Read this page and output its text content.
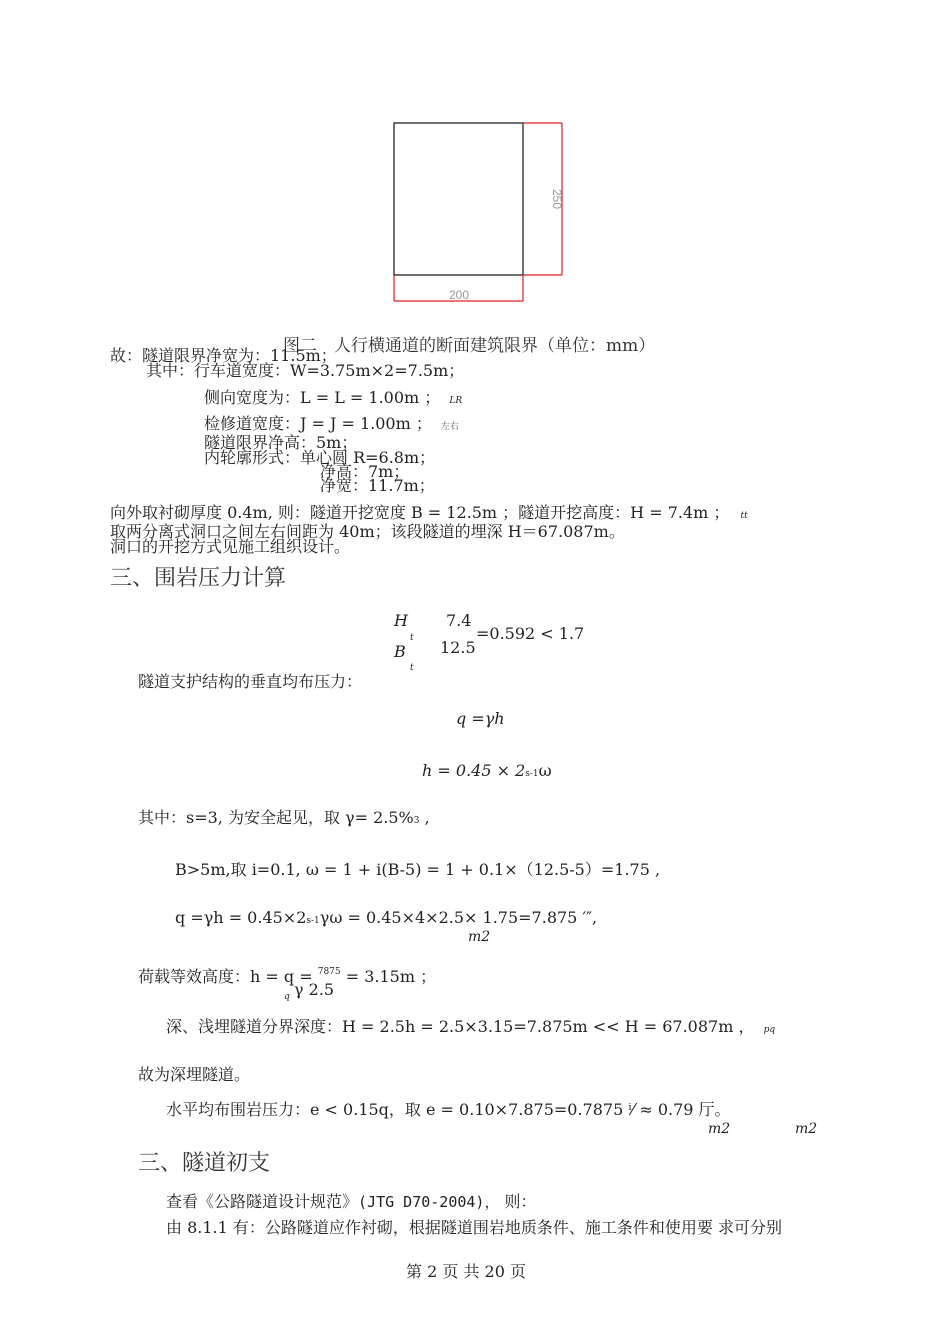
250
200
图二　人行横通道的断面建筑限界（单位：mm）
故：隧道限界净宽为：11.5m；
其中：行车道宽度：W=3.75m×2=7.5m；
侧向宽度为：L = L = 1.00m ； LR
检修道宽度：J = J = 1.00m ； 左右
隧道限界净高：5m；
内轮廓形式：单心圆 R=6.8m；
净高：7m；
净宽：11.7m；
向外取衬砌厚度 0.4m, 则：隧道开挖宽度 B = 12.5m ；隧道开挖高度：H = 7.4m ； tt
取两分离式洞口之间左右间距为 40m；该段隧道的埋深 H＝67.087m。
洞口的开挖方式见施工组织设计。
三、围岩压力计算
H
t
B
t
7.4
12.5
=0.592 < 1.7
隧道支护结构的垂直均布压力：
q =γh
h = 0.45 × 2s-1ω
其中：s=3, 为安全起见，取 γ= 2.5%3 ,
B>5m,取 i=0.1, ω = 1 + i(B-5) = 1 + 0.1×（12.5-5）=1.75 ,
q =γh = 0.45×2s-1γω = 0.45×4×2.5× 1.75=7.875 ′″,
m2
荷载等效高度：h = q = $^{7875}$ = 3.15m ；
q γ 2.5
深、浅埋隧道分界深度：H = 2.5h = 2.5×3.15=7.875m << H = 67.087m ， pq
故为深埋隧道。
水平均布围岩压力：e < 0.15q，取 e = 0.10×7.875=0.7875 ⁱ⁄ ≈ 0.79 厅。
m2	m2
三、隧道初支
查看《公路隧道设计规范》(JTG D70-2004)， 则：
由 8.1.1 有：公路隧道应作衬砌，根据隧道围岩地质条件、施工条件和使用要 求可分别
第 2 页 共 20 页
